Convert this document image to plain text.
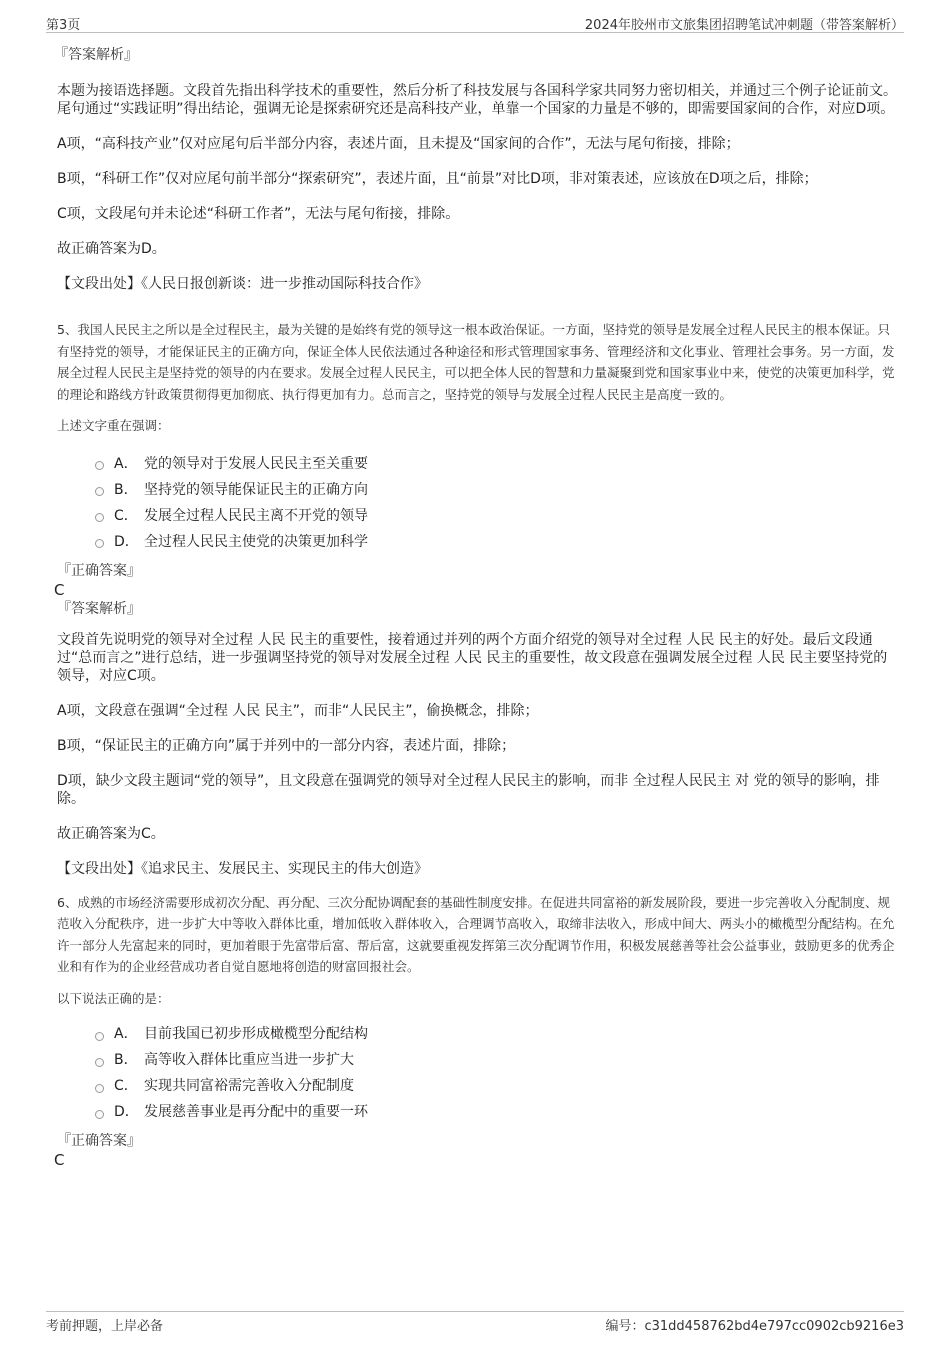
第3页	2024年胶州市文旅集团招聘笔试冲刺题（带答案解析）

『答案解析』

本题为接语选择题。文段首先指出科学技术的重要性，然后分析了科技发展与各国科学家共同努力密切相关，并通过三个例子论证前文。尾句通过“实践证明”得出结论，强调无论是探索研究还是高科技产业，单靠一个国家的力量是不够的，即需要国家间的合作，对应D项。

A项，“高科技产业”仅对应尾句后半部分内容，表述片面，且未提及“国家间的合作”，无法与尾句衔接，排除；

B项，“科研工作”仅对应尾句前半部分“探索研究”，表述片面，且“前景”对比D项，非对策表述，应该放在D项之后，排除；

C项，文段尾句并未论述“科研工作者”，无法与尾句衔接，排除。

故正确答案为D。

【文段出处】《人民日报创新谈：进一步推动国际科技合作》

5、我国人民民主之所以是全过程民主，最为关键的是始终有党的领导这一根本政治保证。一方面，坚持党的领导是发展全过程人民民主的根本保证。只有坚持党的领导，才能保证民主的正确方向，保证全体人民依法通过各种途径和形式管理国家事务、管理经济和文化事业、管理社会事务。另一方面，发展全过程人民民主是坚持党的领导的内在要求。发展全过程人民民主，可以把全体人民的智慧和力量凝聚到党和国家事业中来，使党的决策更加科学，党的理论和路线方针政策贯彻得更加彻底、执行得更加有力。总而言之，坚持党的领导与发展全过程人民民主是高度一致的。

上述文字重在强调：

A． 党的领导对于发展人民民主至关重要
B． 坚持党的领导能保证民主的正确方向
C． 发展全过程人民民主离不开党的领导
D． 全过程人民民主使党的决策更加科学

『正确答案』

C

『答案解析』

文段首先说明党的领导对全过程 人民 民主的重要性，接着通过并列的两个方面介绍党的领导对全过程 人民 民主的好处。最后文段通过“总而言之”进行总结，进一步强调坚持党的领导对发展全过程 人民 民主的重要性，故文段意在强调发展全过程 人民 民主要坚持党的领导，对应C项。

A项，文段意在强调“全过程 人民 民主”，而非“人民民主”，偷换概念，排除；

B项，“保证民主的正确方向”属于并列中的一部分内容，表述片面，排除；

D项，缺少文段主题词“党的领导”，且文段意在强调党的领导对全过程人民民主的影响，而非 全过程人民民主 对 党的领导的影响，排除。

故正确答案为C。

【文段出处】《追求民主、发展民主、实现民主的伟大创造》

6、成熟的市场经济需要形成初次分配、再分配、三次分配协调配套的基础性制度安排。在促进共同富裕的新发展阶段，要进一步完善收入分配制度、规范收入分配秩序，进一步扩大中等收入群体比重，增加低收入群体收入，合理调节高收入，取缔非法收入，形成中间大、两头小的橄榄型分配结构。在允许一部分人先富起来的同时，更加着眼于先富带后富、帮后富，这就要重视发挥第三次分配调节作用，积极发展慈善等社会公益事业，鼓励更多的优秀企业和有作为的企业经营成功者自觉自愿地将创造的财富回报社会。

以下说法正确的是：

A． 目前我国已初步形成橄榄型分配结构
B． 高等收入群体比重应当进一步扩大
C． 实现共同富裕需完善收入分配制度
D． 发展慈善事业是再分配中的重要一环

『正确答案』

C

考前押题，上岸必备	编号：c31dd458762bd4e797cc0902cb9216e3
